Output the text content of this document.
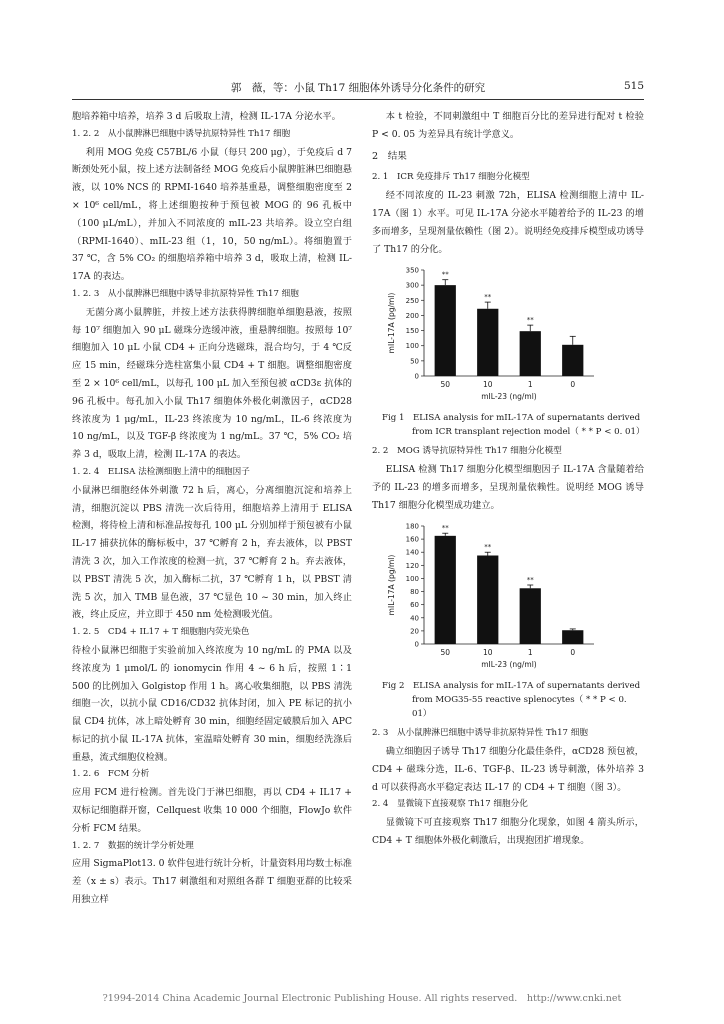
郭　薇，等：小鼠 Th17 细胞体外诱导分化条件的研究	515

胞培养箱中培养，培养 3 d 后吸取上清，检测 IL-17A 分泌水平。

1. 2. 2　从小鼠脾淋巴细胞中诱导抗原特异性 Th17 细胞

利用 MOG 免疫 C57BL/6 小鼠（每只 200 μg），于免疫后 d 7 断颈处死小鼠，按上述方法制备经 MOG 免疫后小鼠脾脏淋巴细胞悬液，以 10% NCS 的 RPMI-1640 培养基重悬，调整细胞密度至 2 × 10⁶ cell/mL，将上述细胞按种于预包被 MOG 的 96 孔板中（100 μL/mL），并加入不同浓度的 mIL-23 共培养。设立空白组（RPMI-1640）、mIL-23 组（1，10，50 ng/mL）。将细胞置于 37 ℃，含 5% CO₂ 的细胞培养箱中培养 3 d，吸取上清，检测 IL-17A 的表达。

1. 2. 3　从小鼠脾淋巴细胞中诱导非抗原特异性 Th17 细胞

无菌分离小鼠脾脏，并按上述方法获得脾细胞单细胞悬液，按照每 10⁷ 细胞加入 90 μL 磁珠分选缓冲液，重悬脾细胞。按照每 10⁷ 细胞加入 10 μL 小鼠 CD4 + 正向分选磁珠，混合均匀，于 4 ℃反应 15 min，经磁珠分选柱富集小鼠 CD4 + T 细胞。调整细胞密度至 2 × 10⁶ cell/mL，以每孔 100 μL 加入至预包被 αCD3ε 抗体的 96 孔板中。每孔加入小鼠 Th17 细胞体外极化刺激因子，αCD28 终浓度为 1 μg/mL，IL-23 终浓度为 10 ng/mL，IL-6 终浓度为 10 ng/mL，以及 TGF-β 终浓度为 1 ng/mL。37 ℃，5% CO₂ 培养 3 d，吸取上清，检测 IL-17A 的表达。

1. 2. 4　ELISA 法检测细胞上清中的细胞因子

小鼠淋巴细胞经体外刺激 72 h 后，离心，分离细胞沉淀和培养上清，细胞沉淀以 PBS 清洗一次后待用，细胞培养上清用于 ELISA 检测，将待检上清和标准品按每孔 100 μL 分别加样于预包被有小鼠 IL-17 捕获抗体的酶标板中，37 ℃孵育 2 h，弃去液体，以 PBST 清洗 3 次，加入工作浓度的检测一抗，37 ℃孵育 2 h。弃去液体，以 PBST 清洗 5 次，加入酶标二抗，37 ℃孵育 1 h，以 PBST 清洗 5 次，加入 TMB 显色液，37 ℃显色 10 ~ 30 min，加入终止液，终止反应，并立即于 450 nm 处检测吸光值。

1. 2. 5　CD4 + IL17 + T 细胞胞内荧光染色

待检小鼠淋巴细胞于实验前加入终浓度为 10 ng/mL 的 PMA 以及终浓度为 1 μmol/L 的 ionomycin 作用 4 ~ 6 h 后，按照 1∶1 500 的比例加入 Golgistop 作用 1 h。离心收集细胞，以 PBS 清洗细胞一次，以抗小鼠 CD16/CD32 抗体封闭，加入 PE 标记的抗小鼠 CD4 抗体，冰上暗处孵育 30 min，细胞经固定破膜后加入 APC 标记的抗小鼠 IL-17A 抗体，室温暗处孵育 30 min，细胞经洗涤后重悬，流式细胞仪检测。

1. 2. 6　FCM 分析

应用 FCM 进行检测。首先设门于淋巴细胞，再以 CD4 + IL17 + 双标记细胞群开窗，Cellquest 收集 10 000 个细胞，FlowJo 软件分析 FCM 结果。

1. 2. 7　数据的统计学分析处理

应用 SigmaPlot13. 0 软件包进行统计分析，计量资料用均数士标准差（x ± s）表示。Th17 刺激组和对照组各群 T 细胞亚群的比较采用独立样

本 t 检验，不同刺激组中 T 细胞百分比的差异进行配对 t 检验 P < 0. 05 为差异具有统计学意义。

2　结果
2. 1　ICR 免疫排斥 Th17 细胞分化模型

经不同浓度的 IL-23 刺激 72h，ELISA 检测细胞上清中 IL-17A（图 1）水平。可见 IL-17A 分泌水平随着给予的 IL-23 的增多而增多，呈现剂量依赖性（图 2）。说明经免疫排斥模型成功诱导了 Th17 的分化。

0
50
100
150
200
250
300
350
**
50
**
10
**
1	0
mIL-23 (ng/ml)
mIL-17A (pg/ml)
Fig 1　ELISA analysis for mIL-17A of supernatants derived
from ICR transplant rejection model（ * * P < 0. 01）
2. 2　MOG 诱导抗原特异性 Th17 细胞分化模型

ELISA 检测 Th17 细胞分化模型细胞因子 IL-17A 含量随着给予的 IL-23 的增多而增多，呈现剂量依赖性。说明经 MOG 诱导 Th17 细胞分化模型成功建立。

0
20
40
60
80
100
120
140
160
180	**
50
**
10
**
1	0
mIL-23 (ng/ml)
mIL-17A (pg/ml)
Fig 2　ELISA analysis for mIL-17A of supernatants derived
from MOG35-55 reactive splenocytes（ * * P < 0. 01）
2. 3　从小鼠脾淋巴细胞中诱导非抗原特异性 Th17 细胞

确立细胞因子诱导 Th17 细胞分化最佳条件，αCD28 预包被，CD4 + 磁珠分选，IL-6、TGF-β、IL-23 诱导刺激，体外培养 3 d 可以获得高水平稳定表达 IL-17 的 CD4 + T 细胞（图 3）。

2. 4　显微镜下直接观察 Th17 细胞分化

显微镜下可直接观察 Th17 细胞分化现象，如图 4 箭头所示，CD4 + T 细胞体外极化刺激后，出现抱团扩增现象。

?1994-2014 China Academic Journal Electronic Publishing House. All rights reserved.　http://www.cnki.net
